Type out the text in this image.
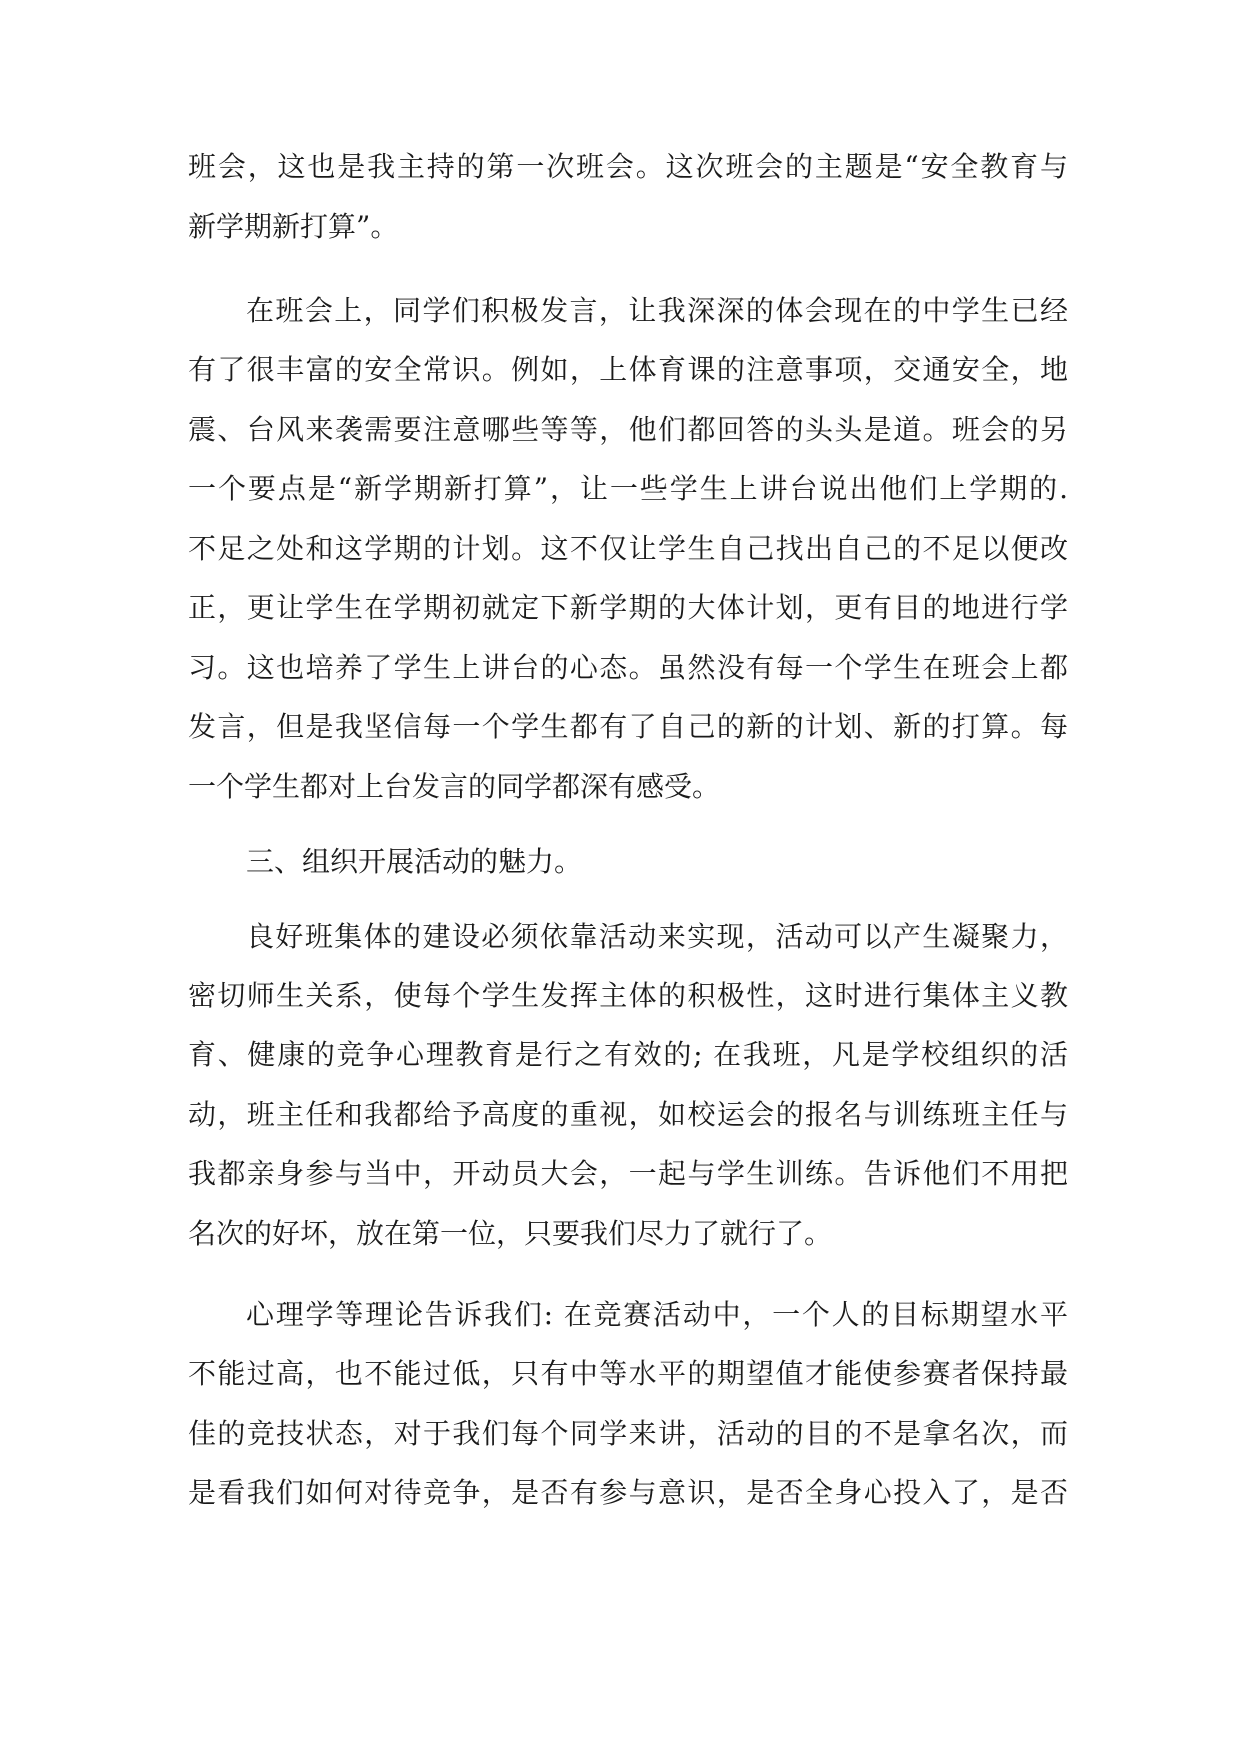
班会，这也是我主持的第一次班会。这次班会的主题是“安全教育与
新学期新打算”。
在班会上，同学们积极发言，让我深深的体会现在的中学生已经
有了很丰富的安全常识。例如，上体育课的注意事项，交通安全，地
震、台风来袭需要注意哪些等等，他们都回答的头头是道。班会的另
一个要点是“新学期新打算”，让一些学生上讲台说出他们上学期的.
不足之处和这学期的计划。这不仅让学生自己找出自己的不足以便改
正，更让学生在学期初就定下新学期的大体计划，更有目的地进行学
习。这也培养了学生上讲台的心态。虽然没有每一个学生在班会上都
发言，但是我坚信每一个学生都有了自己的新的计划、新的打算。每
一个学生都对上台发言的同学都深有感受。
三、组织开展活动的魅力。
良好班集体的建设必须依靠活动来实现，活动可以产生凝聚力，
密切师生关系，使每个学生发挥主体的积极性，这时进行集体主义教
育、健康的竞争心理教育是行之有效的; 在我班，凡是学校组织的活
动，班主任和我都给予高度的重视，如校运会的报名与训练班主任与
我都亲身参与当中，开动员大会，一起与学生训练。告诉他们不用把
名次的好坏，放在第一位，只要我们尽力了就行了。
心理学等理论告诉我们: 在竞赛活动中，一个人的目标期望水平
不能过高，也不能过低，只有中等水平的期望值才能使参赛者保持最
佳的竞技状态，对于我们每个同学来讲，活动的目的不是拿名次，而
是看我们如何对待竞争，是否有参与意识，是否全身心投入了，是否
